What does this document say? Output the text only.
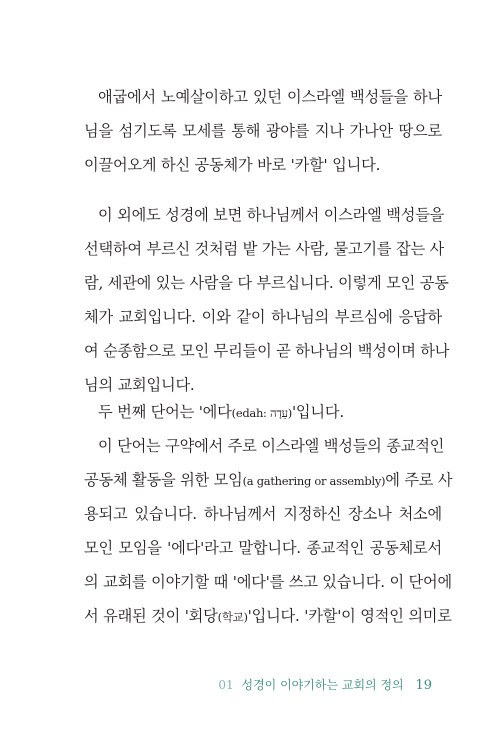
애굽에서 노예살이하고 있던 이스라엘 백성들을 하나
님을 섬기도록 모세를 통해 광야를 지나 가나안 땅으로
이끌어오게 하신 공동체가 바로 '카할' 입니다.
이 외에도 성경에 보면 하나님께서 이스라엘 백성들을
선택하여 부르신 것처럼 밭 가는 사람, 물고기를 잡는 사
람, 세관에 있는 사람을 다 부르십니다. 이렇게 모인 공동
체가 교회입니다. 이와 같이 하나님의 부르심에 응답하
여 순종함으로 모인 무리들이 곧 하나님의 백성이며 하나
님의 교회입니다.
두 번째 단어는 '에다(edah: עֵדָה)'입니다.
이 단어는 구약에서 주로 이스라엘 백성들의 종교적인
공동체 활동을 위한 모임(a gathering or assembly)에 주로 사
용되고 있습니다. 하나님께서 지정하신 장소나 처소에
모인 모임을 '에다'라고 말합니다. 종교적인 공동체로서
의 교회를 이야기할 때 '에다'를 쓰고 있습니다. 이 단어에
서 유래된 것이 '회당(학교)'입니다. '카할'이 영적인 의미로
01 성경이 이야기하는 교회의 정의 19
